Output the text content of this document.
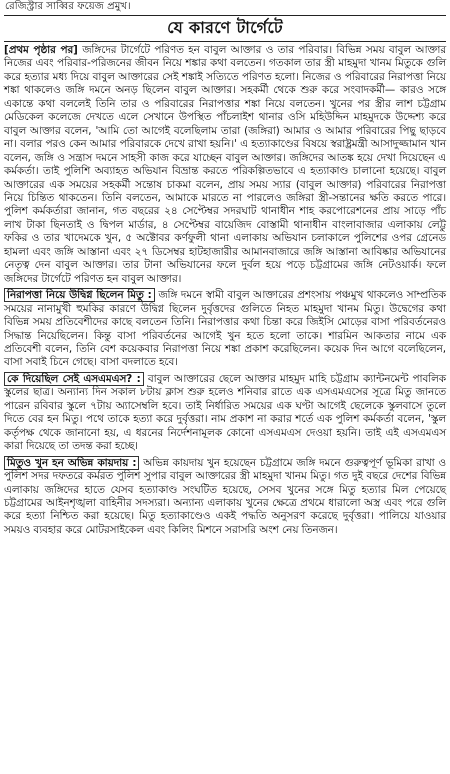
রেজিস্ট্রার সাব্বির ফয়েজ প্রমুখ।
যে কারণে টার্গেটে

[প্রথম পৃষ্ঠার পর] জঙ্গিদের টার্গেটে পরিণত হন বাবুল আক্তার ও তার পরিবার। বিভিন্ন সময় বাবুল আক্তার নিজের এবং পরিবার-পরিজনের জীবন নিয়ে শঙ্কার কথা বলতেন। গতকাল তার স্ত্রী মাহমুদা খানম মিতুকে গুলি করে হত্যার মধ্য দিয়ে বাবুল আক্তারের সেই শঙ্কাই সত্যিতে পরিণত হলো। নিজের ও পরিবারের নিরাপত্তা নিয়ে শঙ্কা থাকলেও জঙ্গি দমনে অনড় ছিলেন বাবুল আক্তার। সহকর্মী থেকে শুরু করে সংবাদকর্মী— কারও সঙ্গে একান্তে কথা বললেই তিনি তার ও পরিবারের নিরাপত্তার শঙ্কা নিয়ে বলতেন। খুনের পর স্ত্রীর লাশ চট্টগ্রাম মেডিকেল কলেজে দেখতে এলে সেখানে উপস্থিত পাঁচলাইশ থানার ওসি মহিউদ্দিন মাহমুদকে উদ্দেশ্য করে বাবুল আক্তার বলেন, 'আমি তো আগেই বলেছিলাম তারা (জঙ্গিরা) আমার ও আমার পরিবারের পিছু ছাড়বে না। বলার পরও কেন আমার পরিবারকে দেখে রাখা হয়নি।' এ হত্যাকাণ্ডের বিষয়ে স্বরাষ্ট্রমন্ত্রী আসাদুজ্জামান খান বলেন, জঙ্গি ও সন্ত্রাস দমনে সাহসী কাজ করে যাচ্ছেন বাবুল আক্তার। জঙ্গিদের আতঙ্ক হয়ে দেখা দিয়েছেন এ কর্মকর্তা। তাই পুলিশি অব্যাহত অভিযান বিভ্রান্ত করতে পরিকল্পিতভাবে এ হত্যাকাণ্ড চালানো হয়েছে। বাবুল আক্তারের এক সময়ের সহকর্মী সন্তোষ চাকমা বলেন, প্রায় সময় স্যার (বাবুল আক্তার) পরিবারের নিরাপত্তা নিয়ে চিন্তিত থাকতেন। তিনি বলতেন, আমাকে মারতে না পারলেও জঙ্গিরা স্ত্রী-সন্তানের ক্ষতি করতে পারে। পুলিশ কর্মকর্তারা জানান, গত বছরের ২৪ সেপ্টেম্বর সদরঘাট থানাধীন শাহ করপোরেশনের প্রায় সাড়ে পাঁচ লাখ টাকা ছিনতাই ও দ্বিপল মার্ডার, ৪ সেপ্টেম্বর বায়েজিদ বোস্তামী থানাধীন বাংলাবাজার এলাকায় লেট্টু ফকির ও তার খাদেমকে খুন, ৫ অক্টোবর কর্ণফুলী থানা এলাকায় অভিযান চলাকালে পুলিশের ওপর গ্রেনেড হামলা এবং জঙ্গি আস্তানা এবং ২৭ ডিসেম্বর হাটহাজারীর আমানবাজারে জঙ্গি আস্তানা আবিষ্কার অভিযানের নেতৃত্ব দেন বাবুল আক্তার। তার টানা অভিযানের ফলে দুর্বল হয়ে পড়ে চট্টগ্রামের জঙ্গি নেটওয়ার্ক। ফলে জঙ্গিদের টার্গেটে পরিণত হন বাবুল আক্তার।

নিরাপত্তা নিয়ে উদ্বিগ্ন ছিলেন মিতু : জঙ্গি দমনে স্বামী বাবুল আক্তারের প্রশংসায় পঞ্চমুখ থাকলেও সাম্প্রতিক সময়ের নানামুখী হুমকির কারণে উদ্বিগ্ন ছিলেন দুর্বৃত্তদের গুলিতে নিহত মাহমুদা খানম মিতু। উদ্বেগের কথা বিভিন্ন সময় প্রতিবেশীদের কাছে বলতেন তিনি। নিরাপত্তার কথা চিন্তা করে জিইসি মোড়ের বাসা পরিবর্তনেরও সিদ্ধান্ত নিয়েছিলেন। কিন্তু বাসা পরিবর্তনের আগেই খুন হতে হলো তাকে। শারমিন আকতার নামে এক প্রতিবেশী বলেন, তিনি বেশ কয়েকবার নিরাপত্তা নিয়ে শঙ্কা প্রকাশ করেছিলেন। কয়েক দিন আগে বলেছিলেন, বাসা সবাই চিনে গেছে। বাসা বদলাতে হবে।

কে দিয়েছিল সেই এসএমএস? : বাবুল আক্তারের ছেলে আক্তার মাহমুদ মাহি চট্টগ্রাম ক্যান্টনমেন্ট পাবলিক স্কুলের ছাত্র। অন্যান্য দিন সকাল ৮টায় ক্লাস শুরু হলেও শনিবার রাতে এক এসএমএসের সূত্রে মিতু জানতে পারেন রবিবার স্কুলে ৭টায় অ্যাসেম্বলি হবে। তাই নির্ধারিত সময়ের এক ঘণ্টা আগেই ছেলেকে স্কুলবাসে তুলে দিতে বের হন মিতু। পথে তাকে হত্যা করে দুর্বৃত্তরা। নাম প্রকাশ না করার শর্তে এক পুলিশ কর্মকর্তা বলেন, 'স্কুল কর্তৃপক্ষ থেকে জানানো হয়, এ ধরনের নির্দেশনামূলক কোনো এসএমএস দেওয়া হয়নি। তাই এই এসএমএস কারা দিয়েছে তা তদন্ত করা হচ্ছে।

মিতুও খুন হন অভিন্ন কায়দায় : অভিন্ন কায়দায় খুন হয়েছেন চট্টগ্রামে জঙ্গি দমনে গুরুত্বপূর্ণ ভূমিকা রাখা ও পুলিশ সদর দফতরে কর্মরত পুলিশ সুপার বাবুল আক্তারের স্ত্রী মাহমুদা খানম মিতু। গত দুই বছরে দেশের বিভিন্ন এলাকায় জঙ্গিদের হাতে যেসব হত্যাকাণ্ড সংঘটিত হয়েছে, সেসব খুনের সঙ্গে মিতু হত্যার মিল পেয়েছে চট্টগ্রামের আইনশৃঙ্খলা বাহিনীর সদস্যরা। অন্যান্য এলাকায় খুনের ক্ষেত্রে প্রথমে ধারালো অস্ত্র এবং পরে গুলি করে হত্যা নিশ্চিত করা হয়েছে। মিতু হত্যাকাণ্ডেও একই পদ্ধতি অনুসরণ করেছে দুর্বৃত্তরা। পালিয়ে যাওয়ার সময়ও ব্যবহার করে মোটরসাইকেল এবং কিলিং মিশনে সরাসরি অংশ নেয় তিনজন।
